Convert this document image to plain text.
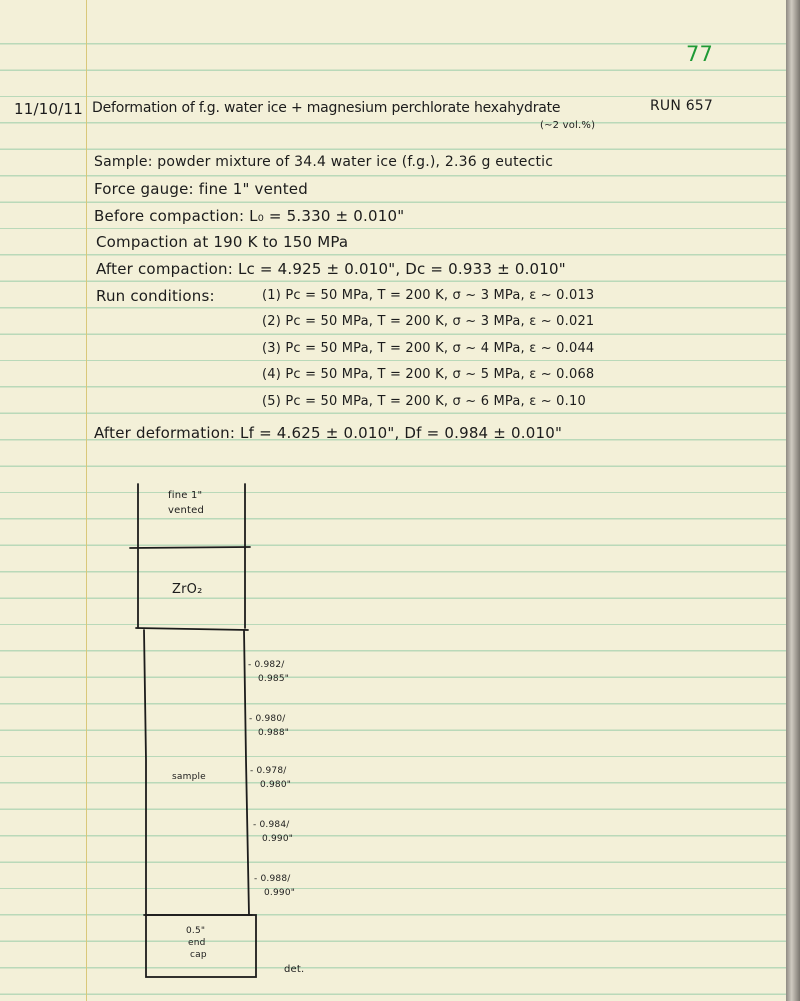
77
11/10/11 Deformation of f.g. water ice + magnesium perchlorate hexahydrate	RUN 657
(~2 vol.%)
Sample: powder mixture of 34.4 water ice (f.g.), 2.36 g eutectic
Force gauge: fine 1" vented
Before compaction: L₀ = 5.330 ± 0.010"
Compaction at 190 K to 150 MPa
After compaction: Lc = 4.925 ± 0.010", Dc = 0.933 ± 0.010"
Run conditions:	(1) Pc = 50 MPa, T = 200 K, σ ~ 3 MPa, ε ~ 0.013
(2) Pc = 50 MPa, T = 200 K, σ ~ 3 MPa, ε ~ 0.021
(3) Pc = 50 MPa, T = 200 K, σ ~ 4 MPa, ε ~ 0.044
(4) Pc = 50 MPa, T = 200 K, σ ~ 5 MPa, ε ~ 0.068
(5) Pc = 50 MPa, T = 200 K, σ ~ 6 MPa, ε ~ 0.10
After deformation: Lf = 4.625 ± 0.010", Df = 0.984 ± 0.010"
fine 1"
vented
ZrO₂
sample
0.5"
end
cap
det.
- 0.982/
0.985"
- 0.980/
0.988"
- 0.978/
0.980"
- 0.984/
0.990"
- 0.988/
0.990"
